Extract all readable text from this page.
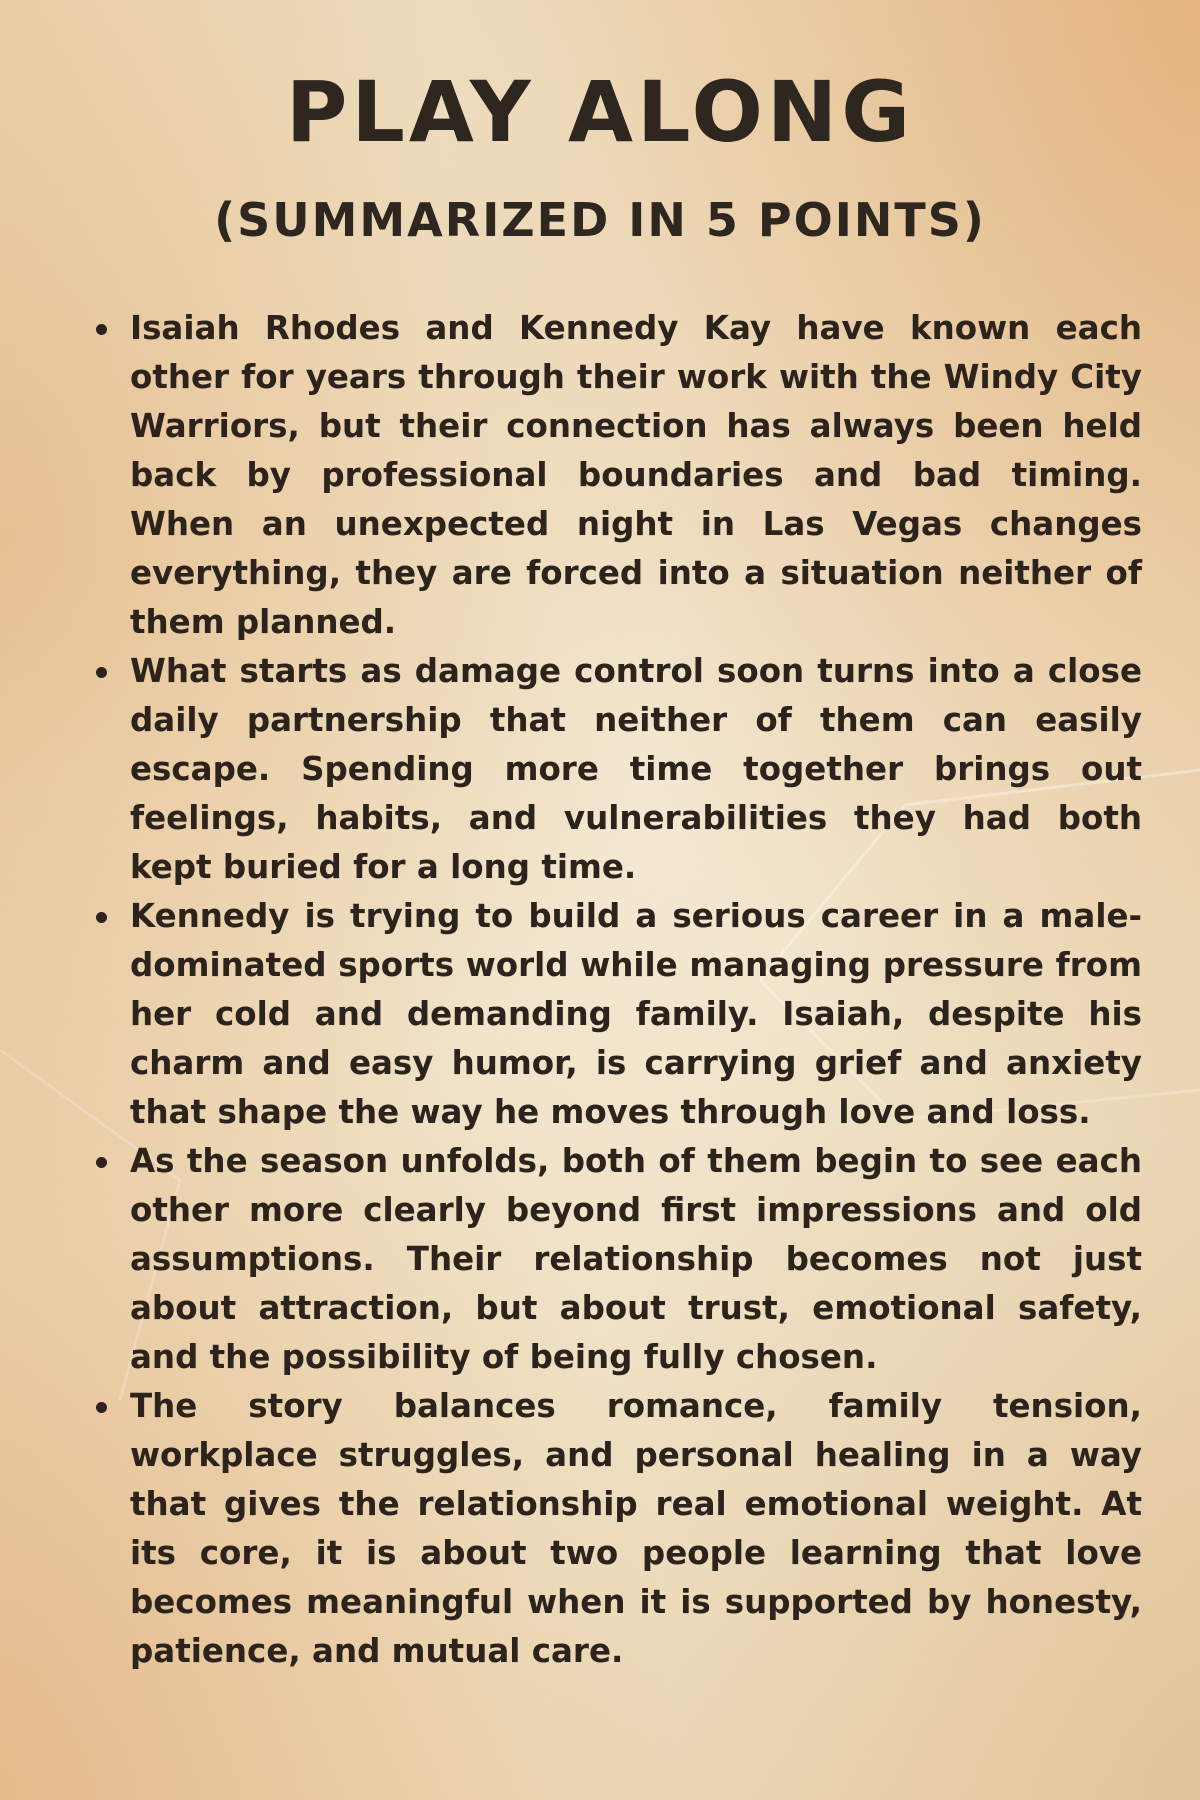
PLAY ALONG
(SUMMARIZED IN 5 POINTS)
Isaiah Rhodes and Kennedy Kay have known each other for years through their work with the Windy City Warriors, but their connection has always been held back by professional boundaries and bad timing. When an unexpected night in Las Vegas changes everything, they are forced into a situation neither of them planned.
What starts as damage control soon turns into a close daily partnership that neither of them can easily escape. Spending more time together brings out feelings, habits, and vulnerabilities they had both kept buried for a long time.
Kennedy is trying to build a serious career in a male-dominated sports world while managing pressure from her cold and demanding family. Isaiah, despite his charm and easy humor, is carrying grief and anxiety that shape the way he moves through love and loss.
As the season unfolds, both of them begin to see each other more clearly beyond first impressions and old assumptions. Their relationship becomes not just about attraction, but about trust, emotional safety, and the possibility of being fully chosen.
The story balances romance, family tension, workplace struggles, and personal healing in a way that gives the relationship real emotional weight. At its core, it is about two people learning that love becomes meaningful when it is supported by honesty, patience, and mutual care.
